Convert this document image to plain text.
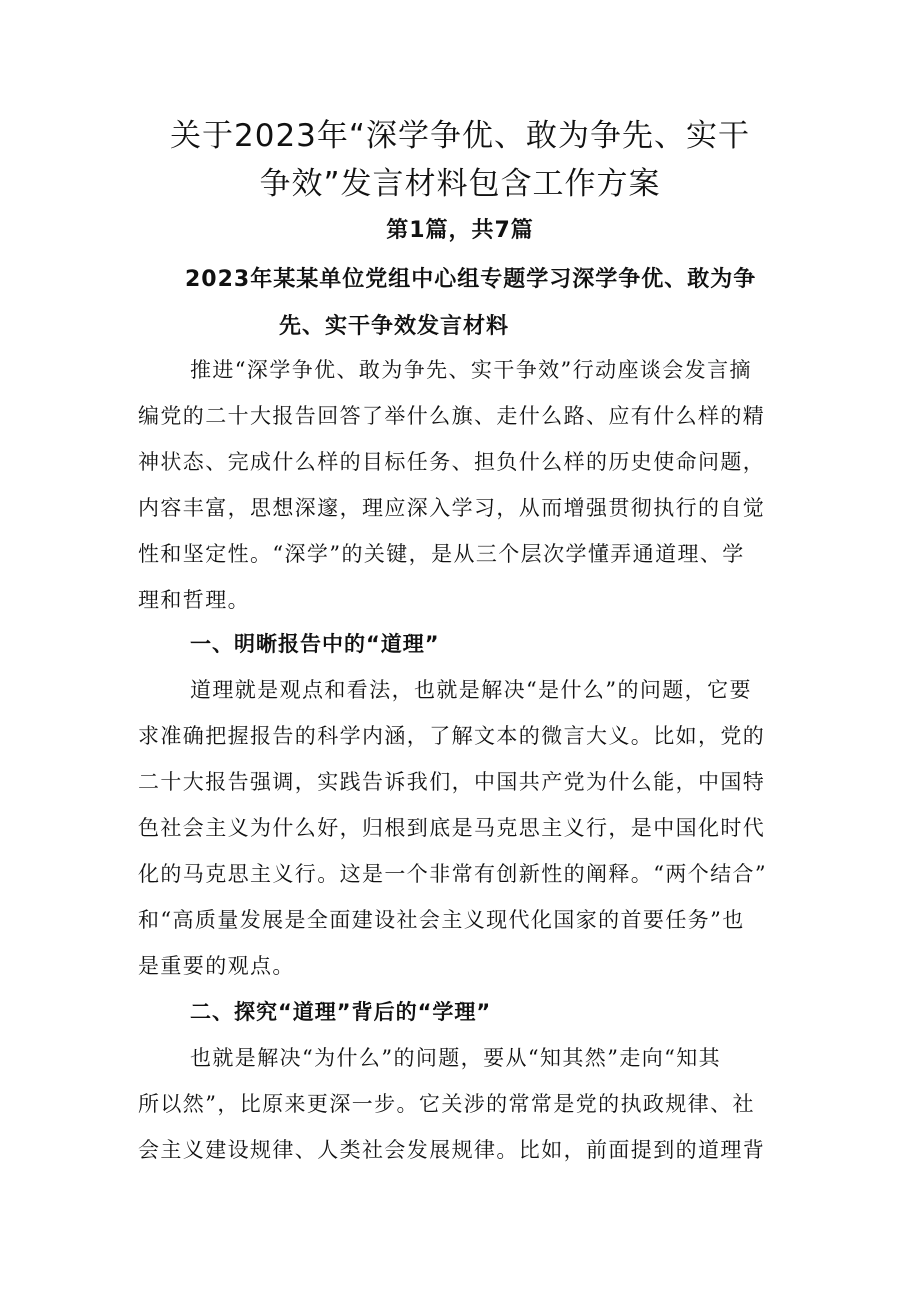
关于2023年“深学争优、敢为争先、实干
争效”发言材料包含工作方案
第1篇，共7篇
2023年某某单位党组中心组专题学习深学争优、敢为争
先、实干争效发言材料
推进“深学争优、敢为争先、实干争效”行动座谈会发言摘
编党的二十大报告回答了举什么旗、走什么路、应有什么样的精
神状态、完成什么样的目标任务、担负什么样的历史使命问题，
内容丰富，思想深邃，理应深入学习，从而增强贯彻执行的自觉
性和坚定性。“深学”的关键，是从三个层次学懂弄通道理、学
理和哲理。
一、明晰报告中的“道理”
道理就是观点和看法，也就是解决“是什么”的问题，它要
求准确把握报告的科学内涵，了解文本的微言大义。比如，党的
二十大报告强调，实践告诉我们，中国共产党为什么能，中国特
色社会主义为什么好，归根到底是马克思主义行，是中国化时代
化的马克思主义行。这是一个非常有创新性的阐释。“两个结合”
和“高质量发展是全面建设社会主义现代化国家的首要任务”也
是重要的观点。
二、探究“道理”背后的“学理”
也就是解决“为什么”的问题，要从“知其然”走向“知其
所以然”，比原来更深一步。它关涉的常常是党的执政规律、社
会主义建设规律、人类社会发展规律。比如，前面提到的道理背
